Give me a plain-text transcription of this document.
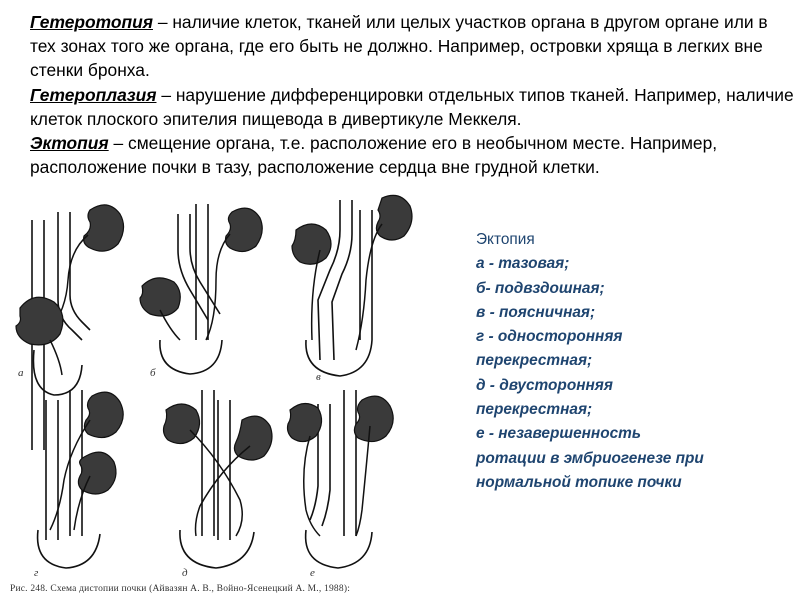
Гетеротопия – наличие клеток, тканей или целых участков органа в другом органе или в тех зонах того же органа, где его быть не должно. Например, островки хряща в легких вне стенки бронха.

Гетероплазия – нарушение дифференцировки отдельных типов тканей. Например, наличие клеток плоского эпителия пищевода в дивертикуле Меккеля.

Эктопия – смещение органа, т.е. расположение его в необычном месте. Например, расположение почки в тазу, расположение сердца вне грудной клетки.

а	б	в
г	д	е
Рис. 248. Схема дистопии почки (Айвазян А. В., Войно-Ясенецкий А. М., 1988):
Эктопия
а - тазовая;
б- подвздошная;
в - поясничная;
г - односторонняя перекрестная;
д - двусторонняя перекрестная;
е - незавершенность ротации в эмбриогенезе при нормальной топике почки
